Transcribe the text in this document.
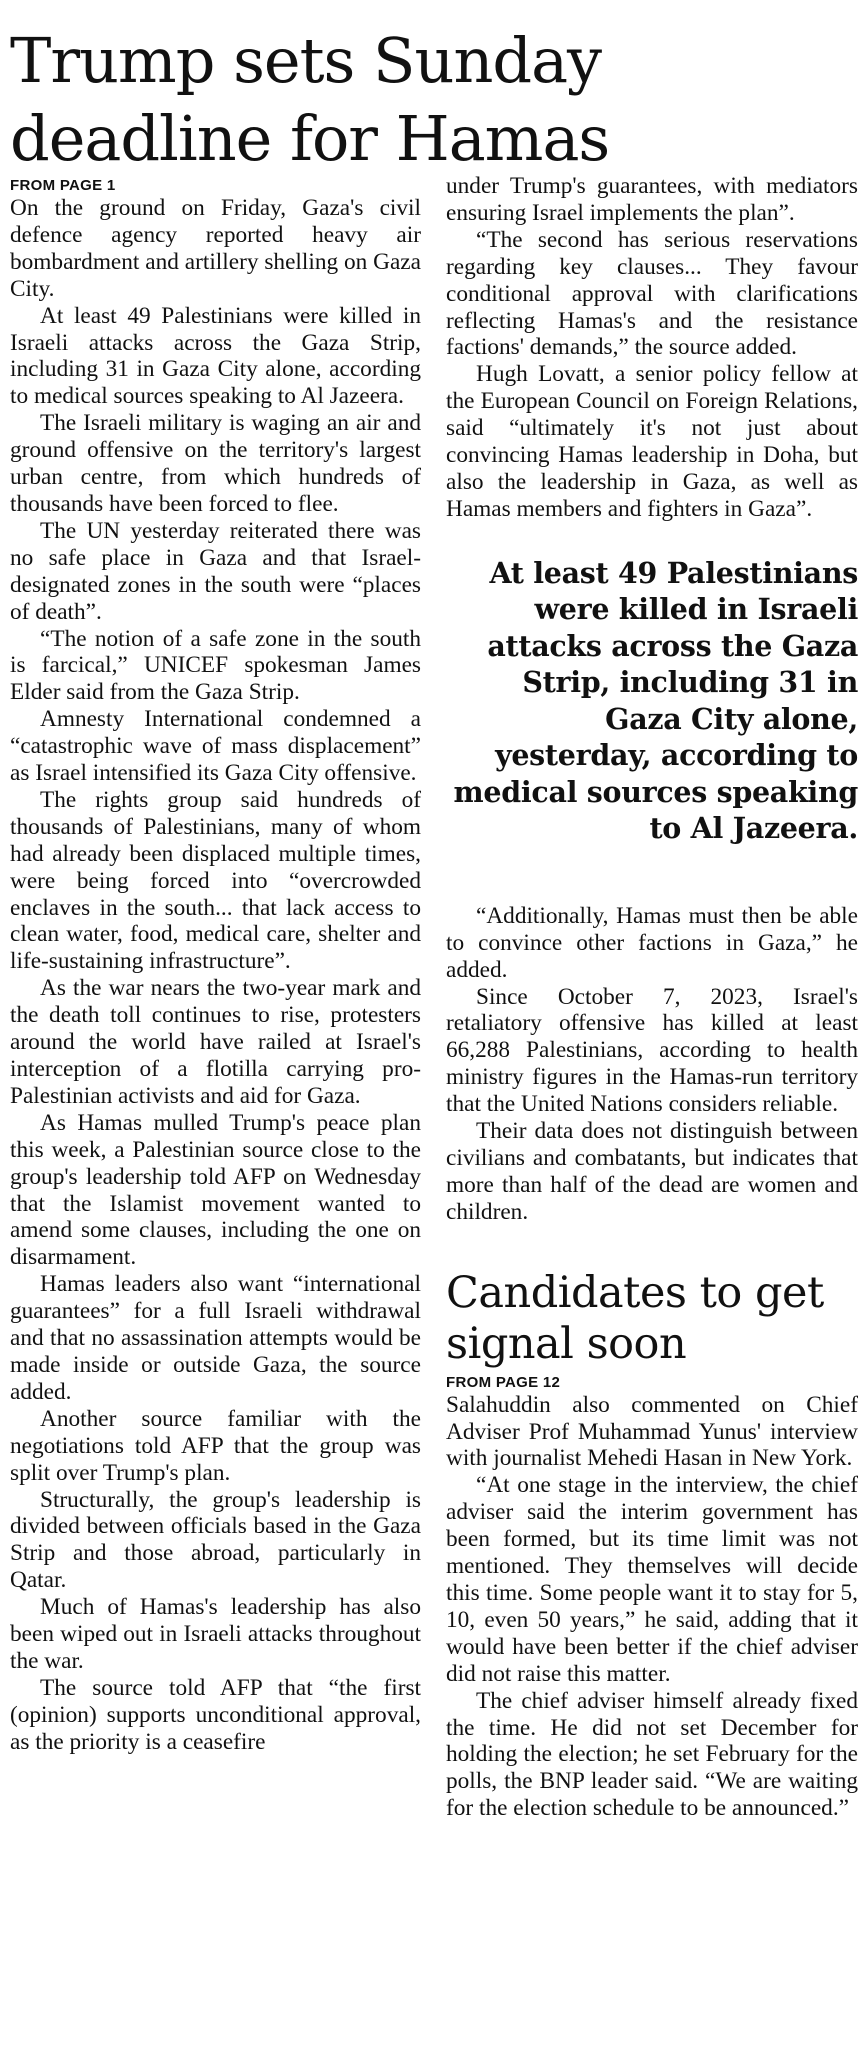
Trump sets Sunday deadline for Hamas
FROM PAGE 1

On the ground on Friday, Gaza's civil defence agency reported heavy air bombardment and artillery shelling on Gaza City.

At least 49 Palestinians were killed in Israeli attacks across the Gaza Strip, including 31 in Gaza City alone, according to medical sources speaking to Al Jazeera.

The Israeli military is waging an air and ground offensive on the territory's largest urban centre, from which hundreds of thousands have been forced to flee.

The UN yesterday reiterated there was no safe place in Gaza and that Israel-designated zones in the south were “places of death”.

“The notion of a safe zone in the south is farcical,” UNICEF spokesman James Elder said from the Gaza Strip.

Amnesty International condemned a “catastrophic wave of mass displacement” as Israel intensified its Gaza City offensive.

The rights group said hundreds of thousands of Palestinians, many of whom had already been displaced multiple times, were being forced into “overcrowded enclaves in the south... that lack access to clean water, food, medical care, shelter and life-sustaining infrastructure”.

As the war nears the two-year mark and the death toll continues to rise, protesters around the world have railed at Israel's interception of a flotilla carrying pro-Palestinian activists and aid for Gaza.

As Hamas mulled Trump's peace plan this week, a Palestinian source close to the group's leadership told AFP on Wednesday that the Islamist movement wanted to amend some clauses, including the one on disarmament.

Hamas leaders also want “international guarantees” for a full Israeli withdrawal and that no assassination attempts would be made inside or outside Gaza, the source added.

Another source familiar with the negotiations told AFP that the group was split over Trump's plan.

Structurally, the group's leadership is divided between officials based in the Gaza Strip and those abroad, particularly in Qatar.

Much of Hamas's leadership has also been wiped out in Israeli attacks throughout the war.

The source told AFP that “the first (opinion) supports unconditional approval, as the priority is a ceasefire

under Trump's guarantees, with mediators ensuring Israel implements the plan”.

“The second has serious reservations regarding key clauses... They favour conditional approval with clarifications reflecting Hamas's and the resistance factions' demands,” the source added.

Hugh Lovatt, a senior policy fellow at the European Council on Foreign Relations, said “ultimately it's not just about convincing Hamas leadership in Doha, but also the leadership in Gaza, as well as Hamas members and fighters in Gaza”.

At least 49 Palestinians were killed in Israeli attacks across the Gaza Strip, including 31 in Gaza City alone, yesterday, according to medical sources speaking to Al Jazeera.

“Additionally, Hamas must then be able to convince other factions in Gaza,” he added.

Since October 7, 2023, Israel's retaliatory offensive has killed at least 66,288 Palestinians, according to health ministry figures in the Hamas-run territory that the United Nations considers reliable.

Their data does not distinguish between civilians and combatants, but indicates that more than half of the dead are women and children.

Candidates to get signal soon
FROM PAGE 12

Salahuddin also commented on Chief Adviser Prof Muhammad Yunus' interview with journalist Mehedi Hasan in New York.

“At one stage in the interview, the chief adviser said the interim government has been formed, but its time limit was not mentioned. They themselves will decide this time. Some people want it to stay for 5, 10, even 50 years,” he said, adding that it would have been better if the chief adviser did not raise this matter.

The chief adviser himself already fixed the time. He did not set December for holding the election; he set February for the polls, the BNP leader said. “We are waiting for the election schedule to be announced.”
